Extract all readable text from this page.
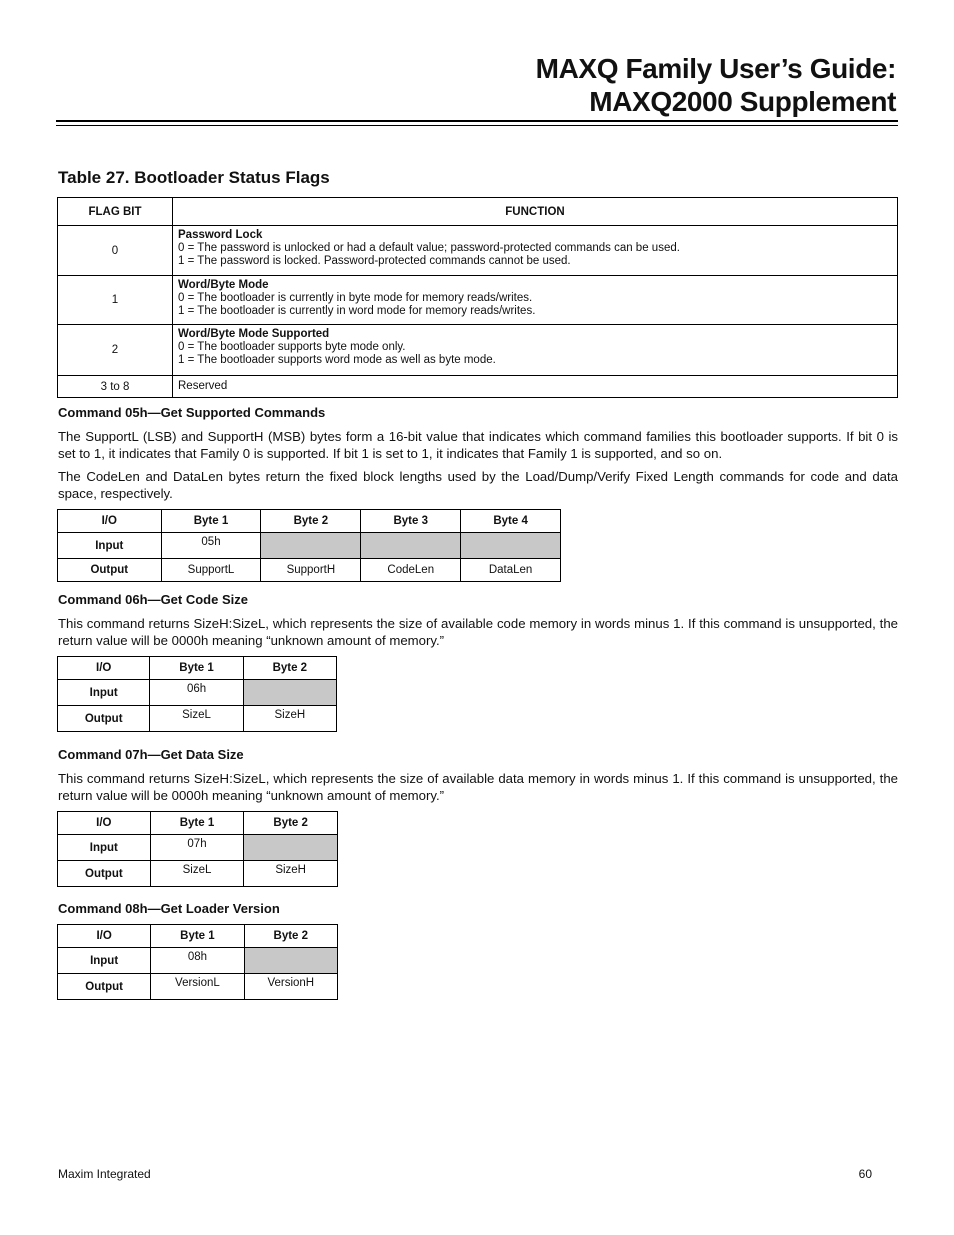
MAXQ Family User’s Guide:
MAXQ2000 Supplement
Table 27. Bootloader Status Flags
FLAG BIT	FUNCTION
0	Password Lock
0 = The password is unlocked or had a default value; password-protected commands can be used.
1 = The password is locked. Password-protected commands cannot be used.
1	Word/Byte Mode
0 = The bootloader is currently in byte mode for memory reads/writes.
1 = The bootloader is currently in word mode for memory reads/writes.
2	Word/Byte Mode Supported
0 = The bootloader supports byte mode only.
1 = The bootloader supports word mode as well as byte mode.
3 to 8	Reserved
Command 05h—Get Supported Commands
The SupportL (LSB) and SupportH (MSB) bytes form a 16-bit value that indicates which command families this bootloader supports. If bit 0 is set to 1, it indicates that Family 0 is supported. If bit 1 is set to 1, it indicates that Family 1 is supported, and so on.
The CodeLen and DataLen bytes return the fixed block lengths used by the Load/Dump/Verify Fixed Length commands for code and data space, respectively.
I/O	Byte 1	Byte 2	Byte 3	Byte 4
Input	05h			
Output	SupportL	SupportH	CodeLen	DataLen
Command 06h—Get Code Size
This command returns SizeH:SizeL, which represents the size of available code memory in words minus 1. If this command is unsupported, the return value will be 0000h meaning “unknown amount of memory.”
I/O	Byte 1	Byte 2
Input	06h	
Output	SizeL	SizeH
Command 07h—Get Data Size
This command returns SizeH:SizeL, which represents the size of available data memory in words minus 1. If this command is unsupported, the return value will be 0000h meaning “unknown amount of memory.”
I/O	Byte 1	Byte 2
Input	07h	
Output	SizeL	SizeH
Command 08h—Get Loader Version
I/O	Byte 1	Byte 2
Input	08h	
Output	VersionL	VersionH
Maxim Integrated	60
